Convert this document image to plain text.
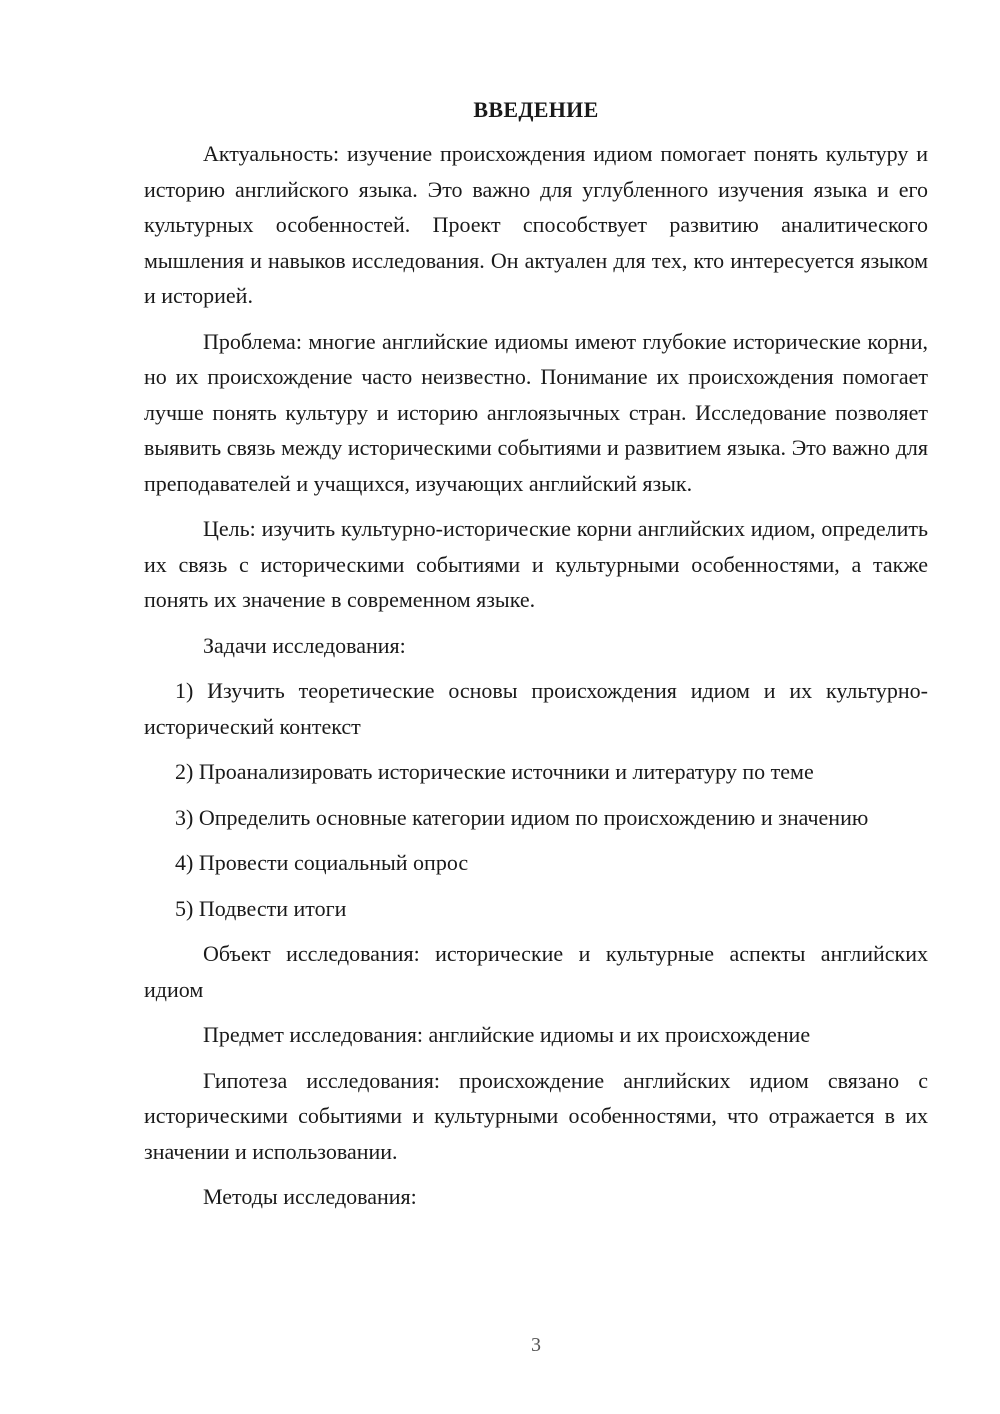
ВВЕДЕНИЕ

Актуальность: изучение происхождения идиом помогает понять культуру и историю английского языка. Это важно для углубленного изучения языка и его культурных особенностей. Проект способствует развитию аналитического мышления и навыков исследования. Он актуален для тех, кто интересуется языком и историей.

Проблема: многие английские идиомы имеют глубокие исторические корни, но их происхождение часто неизвестно. Понимание их происхождения помогает лучше понять культуру и историю англоязычных стран. Исследование позволяет выявить связь между историческими событиями и развитием языка. Это важно для преподавателей и учащихся, изучающих английский язык.

Цель: изучить культурно-исторические корни английских идиом, определить их связь с историческими событиями и культурными особенностями, а также понять их значение в современном языке.

Задачи исследования:

1) Изучить теоретические основы происхождения идиом и их культурно-исторический контекст

2) Проанализировать исторические источники и литературу по теме

3) Определить основные категории идиом по происхождению и значению

4) Провести социальный опрос

5) Подвести итоги

Объект исследования: исторические и культурные аспекты английских идиом

Предмет исследования: английские идиомы и их происхождение

Гипотеза исследования: происхождение английских идиом связано с историческими событиями и культурными особенностями, что отражается в их значении и использовании.

Методы исследования:

3
